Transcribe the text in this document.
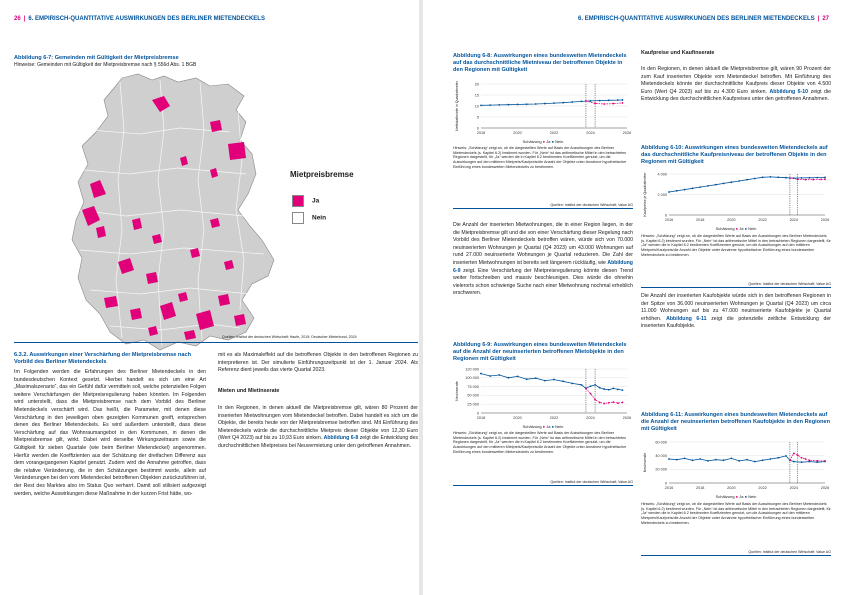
26 | 6. EMPIRISCH-QUANTITATIVE AUSWIRKUNGEN DES BERLINER MIETENDECKELS
Abbildung 6-7: Gemeinden mit Gültigkeit der Mietpreisbremse
Hinweise: Gemeinden mit Gültigkeit der Mietpreisbremse nach § 556d Abs. 1 BGB
Mietpreisbremse
Ja
Nein
Quellen: Institut der deutschen Wirtschaft; Haufe, 2019; Deutscher Mieterbund, 2024
6.3.2. Auswirkungen einer Verschärfung der Mietpreisbremse nach Vorbild des Berliner Mietendeckels
Im Folgenden werden die Erfahrungen des Berliner Mietendeckels in den bundesdeutschen Kontext gesetzt. Hierbei handelt es sich um eine Art „Maximalszenario“, das ein Gefühl dafür vermitteln soll, welche potenziellen Folgen weitere Verschärfungen der Mietpreisregulierung haben könnten. Im Folgenden wird unterstellt, dass die Mietpreisbremse nach dem Vorbild des Berliner Mietendeckels verschärft wird. Das heißt, die Parameter, mit denen diese Verschärfung in den jeweiligen oben gezeigten Kommunen greift, entsprechen denen des Berliner Mietendeckels. Es wird außerdem unterstellt, dass diese Verschärfung auf das Wohnraumangebot in den Kommunen, in denen die Mietpreisbremse gilt, wirkt. Dabei wird derselbe Wirkungszeitraum sowie die Gültigkeit für sieben Quartale (wie beim Berliner Mietendeckel) angenommen. Hierfür werden die Koeffizienten aus der Schätzung der dreifachen Differenz aus dem vorangegangenen Kapitel genutzt. Zudem wird die Annahme getroffen, dass die relative Veränderung, die in den Schätzungen bestimmt wurde, allein auf Veränderungen bei den vom Mietendeckel betroffenen Objekten zurückzuführen ist, der Rest des Marktes also im Status Quo verharrt. Damit soll stilisiert aufgezeigt werden, welche Auswirkungen diese Maßnahme in der kurzen Frist hätte, wo-
mit es als Maximaleffekt auf die betroffenen Objekte in den betroffenen Regionen zu interpretieren ist. Der simulierte Einführungszeitpunkt ist der 1. Januar 2024. Als Referenz dient jeweils das vierte Quartal 2023.
Mieten und Mietinserate
In den Regionen, in denen aktuell die Mietpreisbremse gilt, wären 80 Prozent der inserierten Mietwohnungen vom Mietendeckel betroffen. Dabei handelt es sich um die Objekte, die bereits heute von der Mietpreisbremse betroffen sind. Mit Einführung des Mietendeckels würde die durchschnittliche Mietpreis dieser Objekte von 12,30 Euro (Wert Q4 2023) auf bis zu 10,93 Euro sinken. Abbildung 6-8 zeigt die Entwicklung des durchschnittlichen Mietpreises bei Neuvermietung unter den getroffenen Annahmen.
6. EMPIRISCH-QUANTITATIVE AUSWIRKUNGEN DES BERLINER MIETENDECKELS | 27
Abbildung 6-8: Auswirkungen eines bundesweiten Mietendeckels auf das durchschnittliche Mietniveau der betroffenen Objekte in den Regionen mit Gültigkeit
Nettokaltmiete in Quadratmeter	20
15
10
5
0
2018	2020	2022	2024	2026
Schätzung ● Ja ● Nein
Hinweis: „Schätzung“ zeigt an, ob die dargestellten Werte auf Basis der Auswirkungen des Berliner Mietendeckels (s. Kapitel 6.2) bestimmt wurden. Für „Nein“ ist das arithmetische Mittel in den betrachteten Regionen dargestellt, für „Ja“ werden die in Kapitel 6.2 bestimmten Koeffizienten genutzt, um die Auswirkungen auf den mittleren Mietpreis/Kaufpreis/die Anzahl der Objekte unter Annahme hypothetischer Einführung eines bundesweiten Mietendeckels zu bestimmen.
Quellen: Institut der deutschen Wirtschaft; Value AG
Die Anzahl der inserierten Mietwohnungen, die in einer Region liegen, in der die Mietpreisbremse gilt und die von einer Verschärfung dieser Regelung nach Vorbild des Berliner Mietendeckels betroffen wären, würde sich von 70.000 neuinserierten Wohnungen je Quartal (Q4 2023) um 43.000 Wohnungen auf rund 27.000 neuinserierte Wohnungen je Quartal reduzieren. Die Zahl der inserierten Mietwohnungen ist bereits seit längerem rückläufig, wie Abbildung 6-9 zeigt. Eine Verschärfung der Mietpreisregulierung könnte diesen Trend weiter fortschreiben und massiv beschleunigen. Dies würde die ohnehin vielerorts schon schwierige Suche nach einer Mietwohnung nochmal erheblich erschweren.
Abbildung 6-9: Auswirkungen eines bundesweiten Mietendeckels auf die Anzahl der neuinserierten betroffenen Mietobjekte in den Regionen mit Gültigkeit
Neuinserate
120 000
100 000
75 000
50 000
25 000
0
2018	2020	2022	2024	2026
Schätzung ● Ja ● Nein
Hinweis: „Schätzung“ zeigt an, ob die dargestellten Werte auf Basis der Auswirkungen des Berliner Mietendeckels (s. Kapitel 6.2) bestimmt wurden. Für „Nein“ ist das arithmetische Mittel in den betrachteten Regionen dargestellt, für „Ja“ werden die in Kapitel 6.2 bestimmten Koeffizienten genutzt, um die Auswirkungen auf den mittleren Mietpreis/Kaufpreis/die Anzahl der Objekte unter Annahme hypothetischer Einführung eines bundesweiten Mietendeckels zu bestimmen.
Quellen: Institut der deutschen Wirtschaft; Value AG
Kaufpreise und Kaufinserate
In den Regionen, in denen aktuell die Mietpreisbremse gilt, wären 90 Prozent der zum Kauf inserierten Objekte vom Mietendeckel betroffen. Mit Einführung des Mietendeckels könnte der durchschnittliche Kaufpreis dieser Objekte von 4.500 Euro (Wert Q4 2023) auf bis zu 4.300 Euro sinken. Abbildung 6-10 zeigt die Entwicklung des durchschnittlichen Kaufpreises unter den getroffenen Annahmen.
Abbildung 6-10: Auswirkungen eines bundesweiten Mietendeckels auf das durchschnittliche Kaufpreisniveau der betroffenen Objekte in den Regionen mit Gültigkeit
Kaufpreise je Quadratmeter	4 000
2 000
0
2016	2018	2020	2022	2024	2026
Schätzung ● Ja ● Nein
Hinweis: „Schätzung“ zeigt an, ob die dargestellten Werte auf Basis der Auswirkungen des Berliner Mietendeckels (s. Kapitel 6.2) bestimmt wurden. Für „Nein“ ist das arithmetische Mittel in den betrachteten Regionen dargestellt, für „Ja“ werden die in Kapitel 6.2 bestimmten Koeffizienten genutzt, um die Auswirkungen auf den mittleren Mietpreis/Kaufpreis/die Anzahl der Objekte unter Annahme hypothetischer Einführung eines bundesweiten Mietendeckels zu bestimmen.
Quellen: Institut der deutschen Wirtschaft; Value AG
Die Anzahl der inserierten Kaufobjekte würde sich in den betroffenen Regionen in der Spitze von 36.000 neuinserierten Wohnungen je Quartal (Q4 2023) um circa 11.000 Wohnungen auf bis zu 47.000 neuinserierte Kaufobjekte je Quartal erhöhen. Abbildung 6-11 zeigt die potenzielle zeitliche Entwicklung der inserierten Kaufobjekte.
Abbildung 6-11: Auswirkungen eines bundesweiten Mietendeckels auf die Anzahl der neuinserierten betroffenen Kaufobjekte in den Regionen mit Gültigkeit
Neuinserate
60 000
40 000
20 000
0
2016	2018	2020	2022	2024	2026
Schätzung ● Ja ● Nein
Hinweis: „Schätzung“ zeigt an, ob die dargestellten Werte auf Basis der Auswirkungen des Berliner Mietendeckels (s. Kapitel 6.2) bestimmt wurden. Für „Nein“ ist das arithmetische Mittel in den betrachteten Regionen dargestellt, für „Ja“ werden die in Kapitel 6.2 bestimmten Koeffizienten genutzt, um die Auswirkungen auf den mittleren Mietpreis/Kaufpreis/die Anzahl der Objekte unter Annahme hypothetischer Einführung eines bundesweiten Mietendeckels zu bestimmen.
Quellen: Institut der deutschen Wirtschaft; Value AG
